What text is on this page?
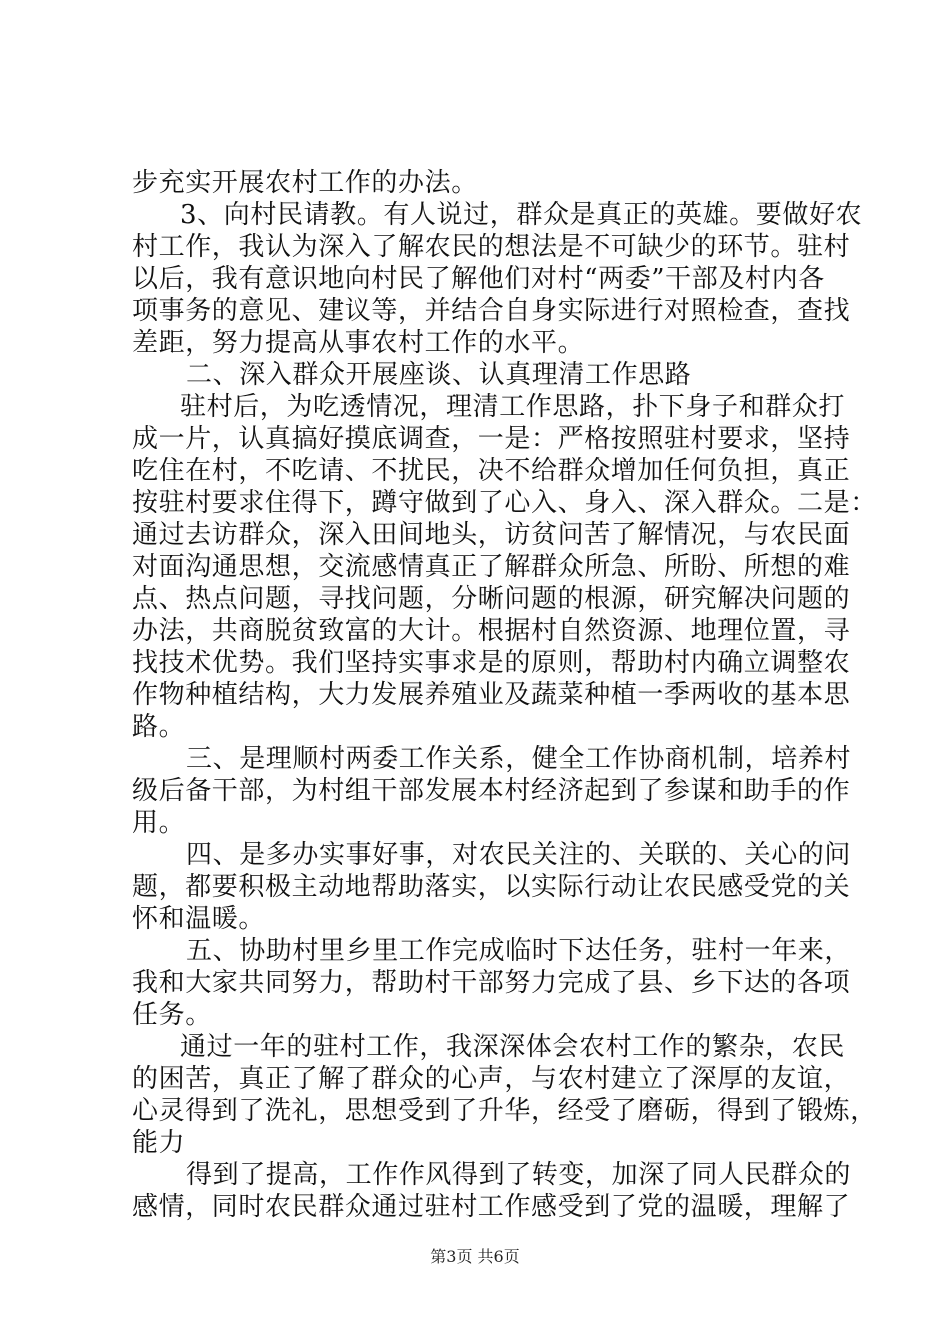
步充实开展农村工作的办法。
3、向村民请教。有人说过，群众是真正的英雄。要做好农
村工作，我认为深入了解农民的想法是不可缺少的环节。驻村
以后，我有意识地向村民了解他们对村“两委”干部及村内各
项事务的意见、建议等，并结合自身实际进行对照检查，查找
差距，努力提高从事农村工作的水平。
二、深入群众开展座谈、认真理清工作思路
驻村后，为吃透情况，理清工作思路，扑下身子和群众打
成一片，认真搞好摸底调查，一是：严格按照驻村要求，坚持
吃住在村，不吃请、不扰民，决不给群众增加任何负担，真正
按驻村要求住得下，蹲守做到了心入、身入、深入群众。二是：
通过去访群众，深入田间地头，访贫问苦了解情况，与农民面
对面沟通思想，交流感情真正了解群众所急、所盼、所想的难
点、热点问题，寻找问题，分晰问题的根源，研究解决问题的
办法，共商脱贫致富的大计。根据村自然资源、地理位置，寻
找技术优势。我们坚持实事求是的原则，帮助村内确立调整农
作物种植结构，大力发展养殖业及蔬菜种植一季两收的基本思
路。
三、是理顺村两委工作关系，健全工作协商机制，培养村
级后备干部，为村组干部发展本村经济起到了参谋和助手的作
用。
四、是多办实事好事，对农民关注的、关联的、关心的问
题，都要积极主动地帮助落实，以实际行动让农民感受党的关
怀和温暖。
五、协助村里乡里工作完成临时下达任务，驻村一年来，
我和大家共同努力，帮助村干部努力完成了县、乡下达的各项
任务。
通过一年的驻村工作，我深深体会农村工作的繁杂，农民
的困苦，真正了解了群众的心声，与农村建立了深厚的友谊，
心灵得到了洗礼，思想受到了升华，经受了磨砺，得到了锻炼，
能力
得到了提高，工作作风得到了转变，加深了同人民群众的
感情，同时农民群众通过驻村工作感受到了党的温暖，理解了
第3页 共6页
